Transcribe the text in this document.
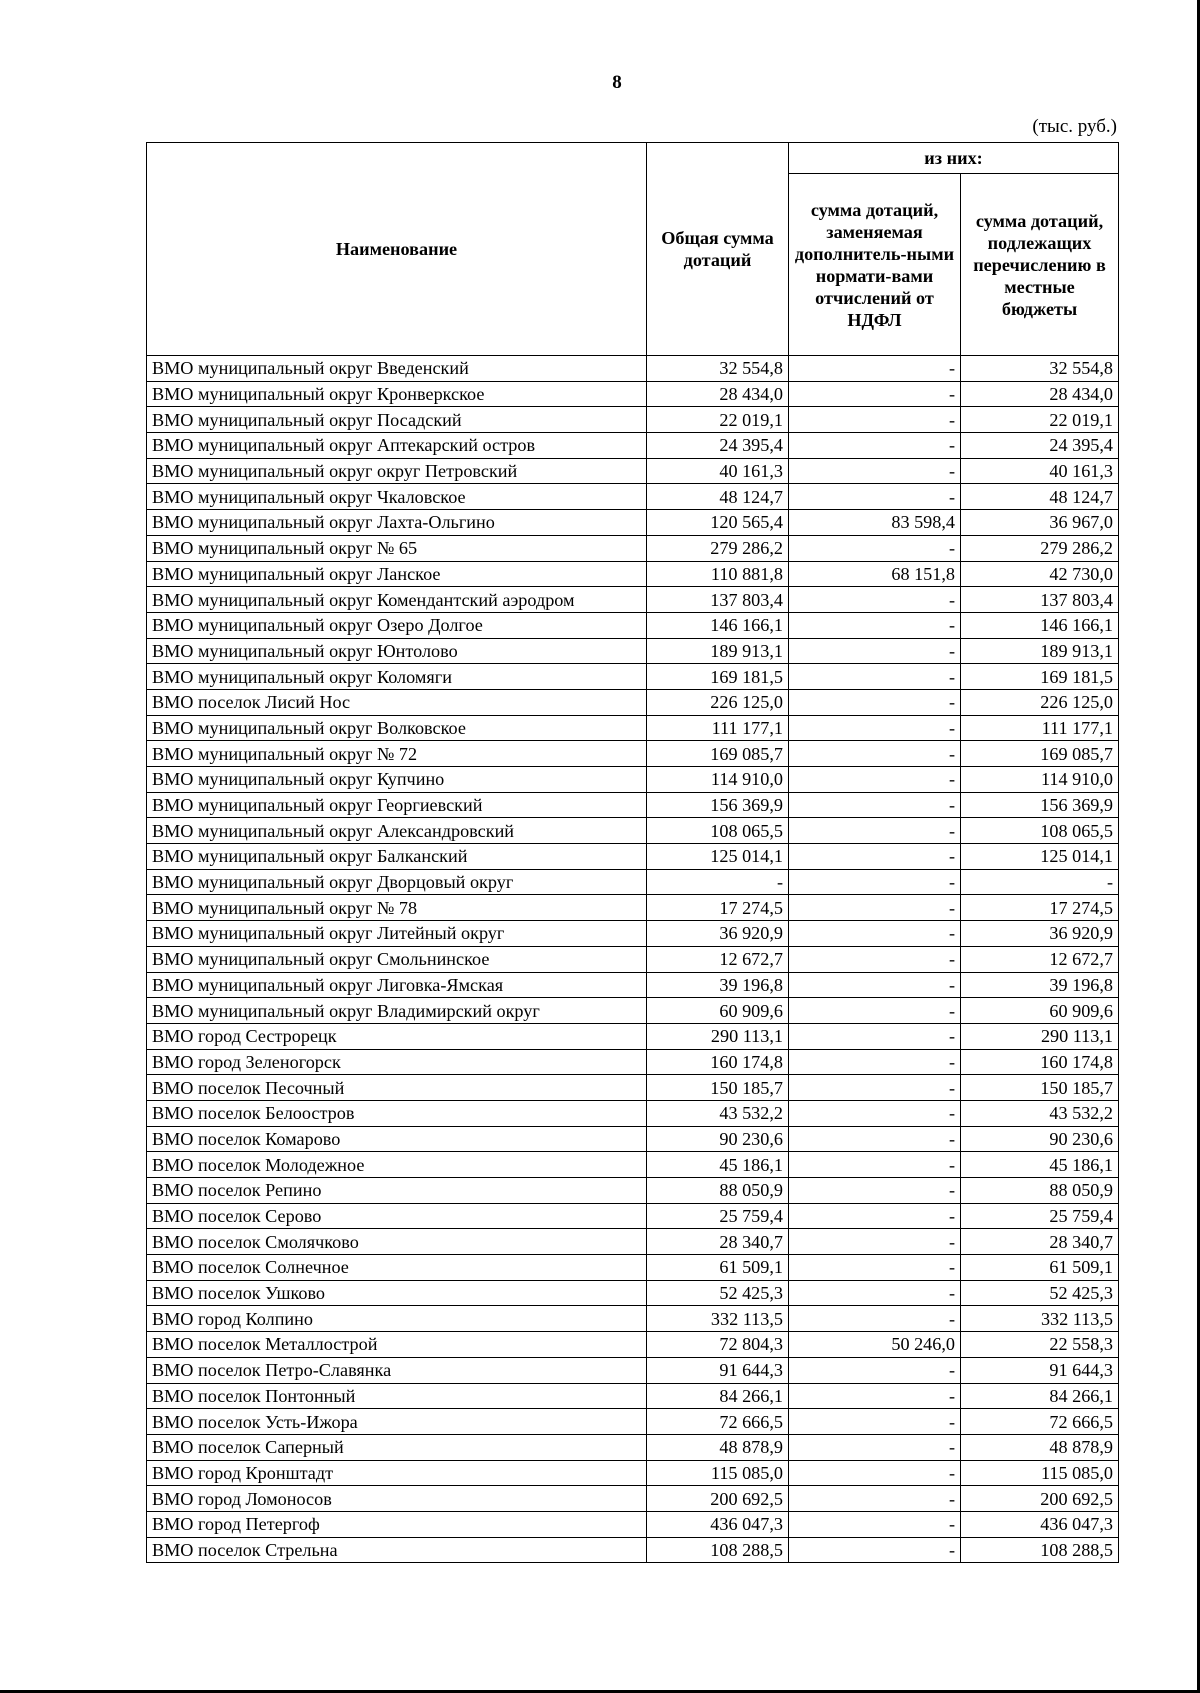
8
(тыс. руб.)
Наименование	Общая сумма дотаций	из них:	
		сумма дотаций, заменяемая дополнитель-ными нормати-вами отчислений от НДФЛ	сумма дотаций, подлежащих перечислению в местные бюджеты
ВМО муниципальный округ Введенский	32 554,8	-	32 554,8
ВМО муниципальный округ Кронверкское	28 434,0	-	28 434,0
ВМО муниципальный округ Посадский	22 019,1	-	22 019,1
ВМО муниципальный округ Аптекарский остров	24 395,4	-	24 395,4
ВМО муниципальный округ округ Петровский	40 161,3	-	40 161,3
ВМО муниципальный округ Чкаловское	48 124,7	-	48 124,7
ВМО муниципальный округ Лахта-Ольгино	120 565,4	83 598,4	36 967,0
ВМО муниципальный округ № 65	279 286,2	-	279 286,2
ВМО муниципальный округ Ланское	110 881,8	68 151,8	42 730,0
ВМО муниципальный округ Комендантский аэродром	137 803,4	-	137 803,4
ВМО муниципальный округ Озеро Долгое	146 166,1	-	146 166,1
ВМО муниципальный округ Юнтолово	189 913,1	-	189 913,1
ВМО муниципальный округ Коломяги	169 181,5	-	169 181,5
ВМО поселок Лисий Нос	226 125,0	-	226 125,0
ВМО муниципальный округ Волковское	111 177,1	-	111 177,1
ВМО муниципальный округ № 72	169 085,7	-	169 085,7
ВМО муниципальный округ Купчино	114 910,0	-	114 910,0
ВМО муниципальный округ Георгиевский	156 369,9	-	156 369,9
ВМО муниципальный округ Александровский	108 065,5	-	108 065,5
ВМО муниципальный округ Балканский	125 014,1	-	125 014,1
ВМО муниципальный округ Дворцовый округ	-	-	-
ВМО муниципальный округ № 78	17 274,5	-	17 274,5
ВМО муниципальный округ Литейный округ	36 920,9	-	36 920,9
ВМО муниципальный округ Смольнинское	12 672,7	-	12 672,7
ВМО муниципальный округ Лиговка-Ямская	39 196,8	-	39 196,8
ВМО муниципальный округ Владимирский округ	60 909,6	-	60 909,6
ВМО город Сестрорецк	290 113,1	-	290 113,1
ВМО город Зеленогорск	160 174,8	-	160 174,8
ВМО поселок Песочный	150 185,7	-	150 185,7
ВМО поселок Белоостров	43 532,2	-	43 532,2
ВМО поселок Комарово	90 230,6	-	90 230,6
ВМО поселок Молодежное	45 186,1	-	45 186,1
ВМО поселок Репино	88 050,9	-	88 050,9
ВМО поселок Серово	25 759,4	-	25 759,4
ВМО поселок Смолячково	28 340,7	-	28 340,7
ВМО поселок Солнечное	61 509,1	-	61 509,1
ВМО поселок Ушково	52 425,3	-	52 425,3
ВМО город Колпино	332 113,5	-	332 113,5
ВМО поселок Металлострой	72 804,3	50 246,0	22 558,3
ВМО поселок Петро-Славянка	91 644,3	-	91 644,3
ВМО поселок Понтонный	84 266,1	-	84 266,1
ВМО поселок Усть-Ижора	72 666,5	-	72 666,5
ВМО поселок Саперный	48 878,9	-	48 878,9
ВМО город Кронштадт	115 085,0	-	115 085,0
ВМО город Ломоносов	200 692,5	-	200 692,5
ВМО город Петергоф	436 047,3	-	436 047,3
ВМО поселок Стрельна	108 288,5	-	108 288,5
